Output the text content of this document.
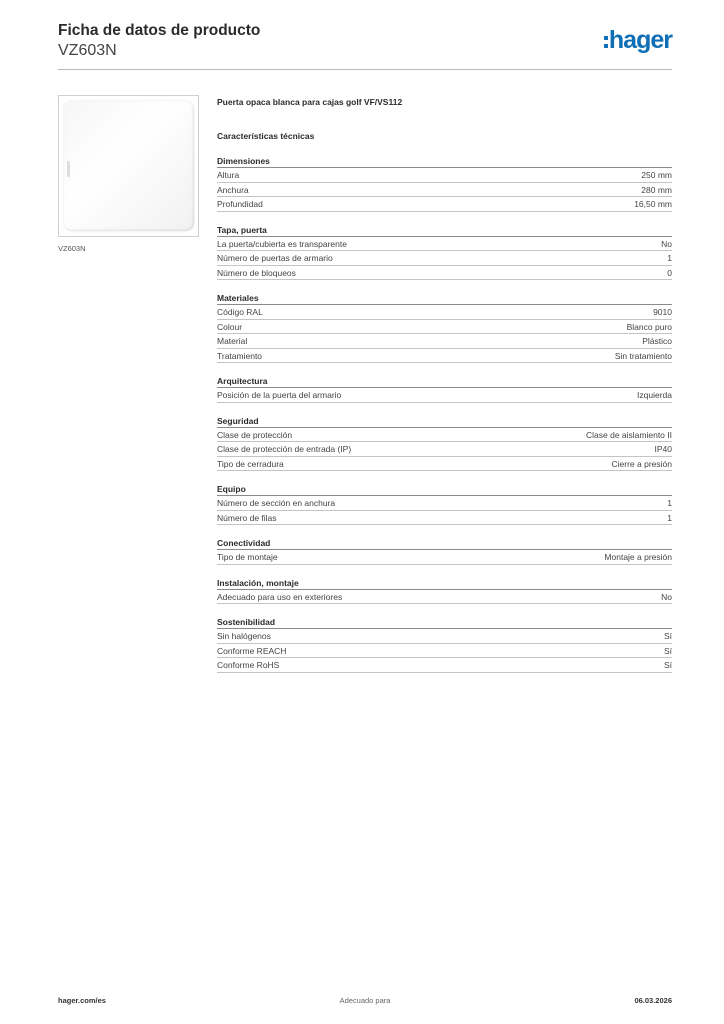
Ficha de datos de producto
VZ603N	hager
VZ603N
Puerta opaca blanca para cajas golf VF/VS112
Características técnicas
Dimensiones
Altura	250 mm
Anchura	280 mm
Profundidad	16,50 mm
Tapa, puerta
La puerta/cubierta es transparente	No
Número de puertas de armario	1
Número de bloqueos	0
Materiales
Código RAL	9010
Colour	Blanco puro
Material	Plástico
Tratamiento	Sin tratamiento
Arquitectura
Posición de la puerta del armario	Izquierda
Seguridad
Clase de protección	Clase de aislamiento II
Clase de protección de entrada (IP)	IP40
Tipo de cerradura	Cierre a presión
Equipo
Número de sección en anchura	1
Número de filas	1
Conectividad
Tipo de montaje	Montaje a presión
Instalación, montaje
Adecuado para uso en exteriores	No
Sostenibilidad
Sin halógenos	Sí
Conforme REACH	Sí
Conforme RoHS	Sí
hager.com/es	Adecuado para	06.03.2026
